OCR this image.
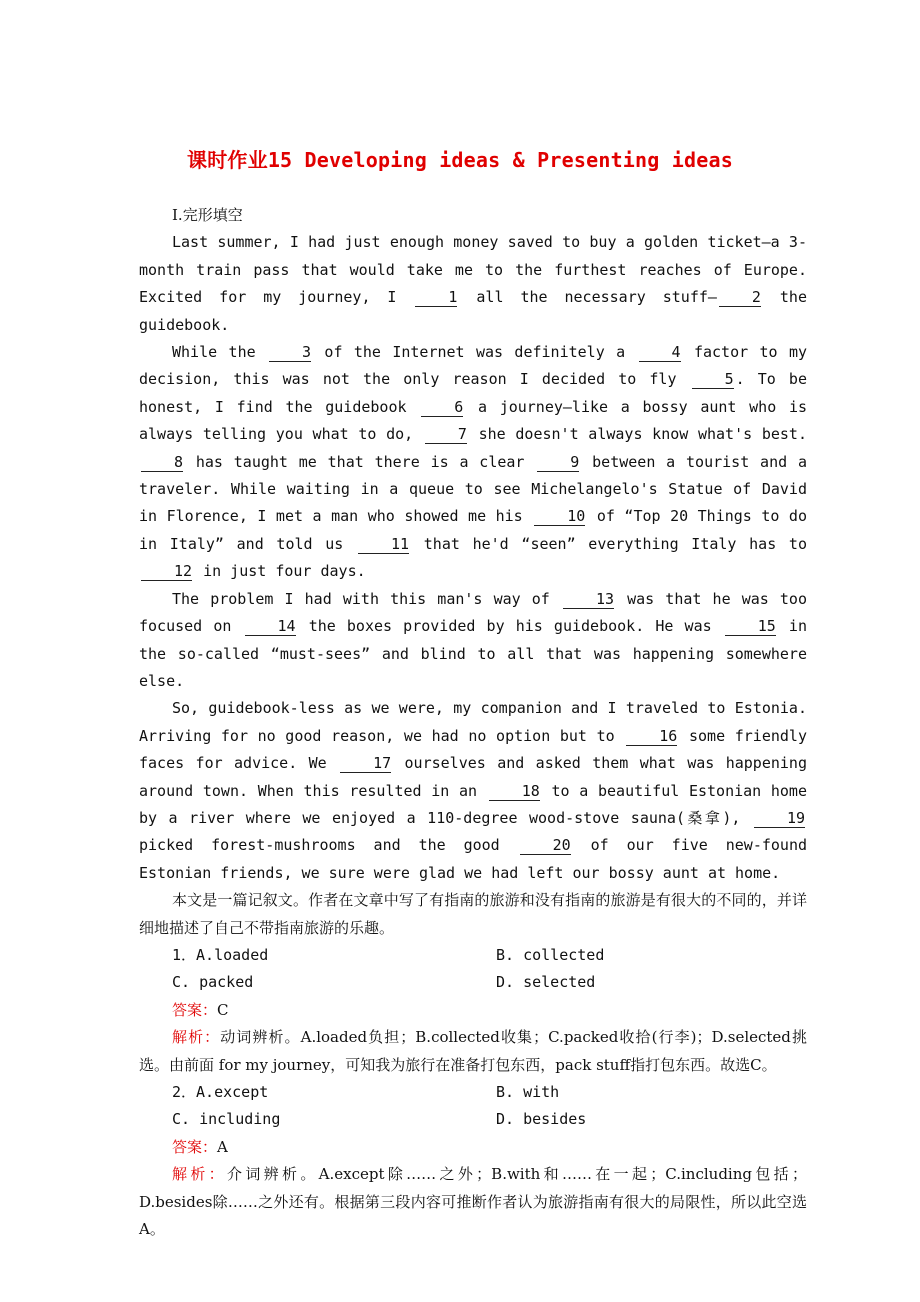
课时作业15 Developing ideas & Presenting ideas

Ⅰ.完形填空

Last summer, I had just enough money saved to buy a golden ticket—a 3-month train pass that would take me to the furthest reaches of Europe. Excited for my journey, I 1 all the necessary stuff— 2 the guidebook.

While the 3 of the Internet was definitely a 4 factor to my decision, this was not the only reason I decided to fly 5 . To be honest, I find the guidebook 6 a journey—like a bossy aunt who is always telling you what to do, 7 she doesn't always know what's best. 8 has taught me that there is a clear 9 between a tourist and a traveler. While waiting in a queue to see Michelangelo's Statue of David in Florence, I met a man who showed me his 10 of “Top 20 Things to do in Italy” and told us 11 that he'd “seen” everything Italy has to 12 in just four days.

The problem I had with this man's way of 13 was that he was too focused on 14 the boxes provided by his guidebook. He was 15 in the so-called “must-sees” and blind to all that was happening somewhere else.

So, guidebook-less as we were, my companion and I traveled to Estonia. Arriving for no good reason, we had no option but to 16 some friendly faces for advice. We 17 ourselves and asked them what was happening around town. When this resulted in an 18 to a beautiful Estonian home by a river where we enjoyed a 110-degree wood-stove sauna(桑拿), 19 picked forest-mushrooms and the good 20 of our five new-found Estonian friends, we sure were glad we had left our bossy aunt at home.

本文是一篇记叙文。作者在文章中写了有指南的旅游和没有指南的旅游是有很大的不同的，并详细地描述了自己不带指南旅游的乐趣。

1．A.loaded	B. collected
C. packed	D. selected

答案：C

解析：动词辨析。A.loaded负担；B.collected收集；C.packed收拾(行李)；D.selected挑选。由前面 for my journey，可知我为旅行在准备打包东西，pack stuff指打包东西。故选C。

2．A.except	B. with
C. including	D. besides

答案：A

解析：介词辨析。A.except除……之外；B.with和……在一起；C.including包括；D.besides除……之外还有。根据第三段内容可推断作者认为旅游指南有很大的局限性，所以此空选A。
